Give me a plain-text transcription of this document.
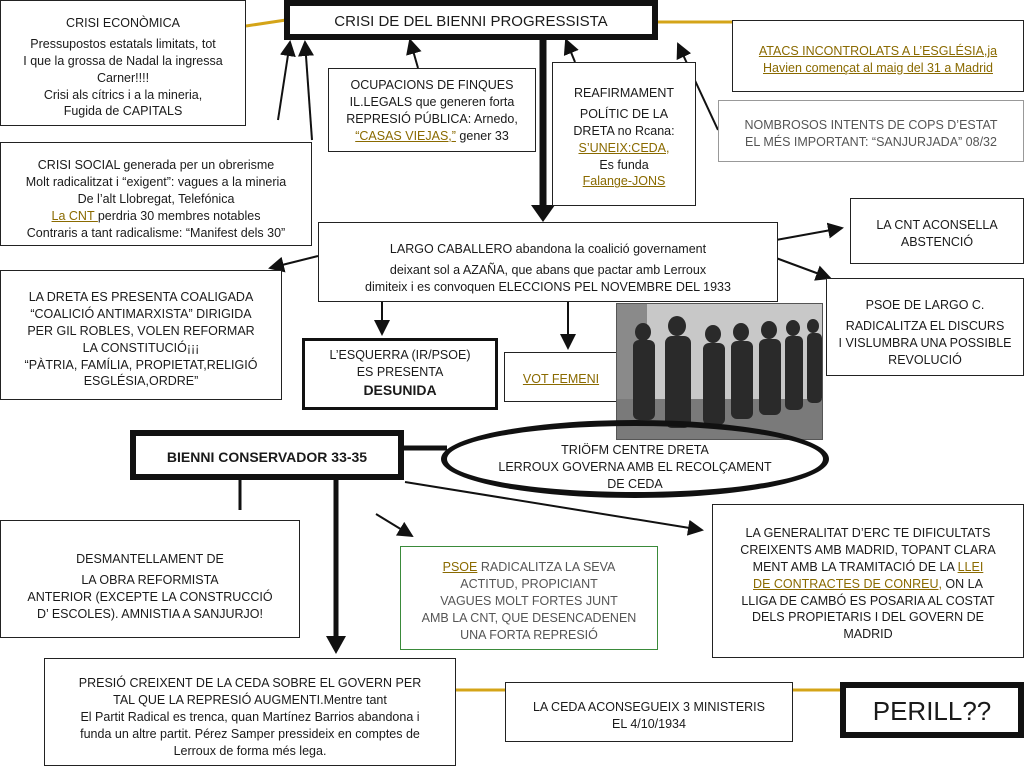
CRISI DE DEL BIENNI PROGRESSISTA

CRISI ECONÒMICA

Pressupostos estatals limitats, tot

I que la grossa de Nadal la ingressa

Carner!!!!

Crisi als cítrics i a la mineria,

Fugida de CAPITALS

OCUPACIONS DE FINQUES

IL.LEGALS que generen forta

REPRESIÓ PÚBLICA: Arnedo,

“CASAS VIEJAS,” gener 33

REAFIRMAMENT

POLÍTIC DE LA

DRETA no Rcana:

S’UNEIX:CEDA,

Es funda

Falange-JONS

ATACS INCONTROLATS A L’ESGLÉSIA,ja

Havien començat al maig del 31 a Madrid

NOMBROSOS INTENTS DE COPS D’ESTAT

EL MÉS IMPORTANT: “SANJURJADA” 08/32

CRISI SOCIAL generada per un obrerisme

Molt radicalitzat i “exigent”: vagues a la mineria

De l’alt Llobregat, Telefónica

La CNT perdria 30 membres notables

Contraris a tant radicalisme: “Manifest dels 30”

LARGO CABALLERO abandona la coalició governament

deixant sol a AZAÑA, que abans que pactar amb Lerroux

dimiteix i es convoquen ELECCIONS PEL NOVEMBRE DEL 1933

LA CNT ACONSELLA

ABSTENCIÓ

LA DRETA ES PRESENTA COALIGADA

“COALICIÓ ANTIMARXISTA” DIRIGIDA

PER GIL ROBLES, VOLEN REFORMAR

LA CONSTITUCIÓ¡¡¡

“PÀTRIA, FAMÍLIA, PROPIETAT,RELIGIÓ

ESGLÉSIA,ORDRE”

L’ESQUERRA (IR/PSOE)

ES PRESENTA

DESUNIDA

VOT FEMENI

PSOE DE LARGO C.

RADICALITZA EL DISCURS

I VISLUMBRA UNA POSSIBLE

REVOLUCIÓ

BIENNI CONSERVADOR 33-35	TRIÖFM CENTRE DRETA

LERROUX GOVERNA AMB EL RECOLÇAMENT

DE CEDA

DESMANTELLAMENT DE

LA OBRA REFORMISTA

ANTERIOR (EXCEPTE LA CONSTRUCCIÓ

D’ ESCOLES). AMNISTIA A SANJURJO!

PSOE RADICALITZA LA SEVA

ACTITUD, PROPICIANT

VAGUES MOLT FORTES JUNT

AMB LA CNT, QUE DESENCADENEN

UNA FORTA REPRESIÓ

LA GENERALITAT D’ERC TE DIFICULTATS

CREIXENTS AMB MADRID, TOPANT CLARA

MENT AMB LA TRAMITACIÓ DE LA LLEI

DE CONTRACTES DE CONREU, ON LA

LLIGA DE CAMBÓ ES POSARIA AL COSTAT

DELS PROPIETARIS I DEL GOVERN DE

MADRID

PRESIÓ CREIXENT DE LA CEDA SOBRE EL GOVERN PER

TAL QUE LA REPRESIÓ AUGMENTI.Mentre tant

El Partit Radical es trenca, quan Martínez Barrios abandona i

funda un altre partit. Pérez Samper pressideix en comptes de

Lerroux de forma més lega.

LA CEDA ACONSEGUEIX 3 MINISTERIS

EL 4/10/1934	PERILL??
